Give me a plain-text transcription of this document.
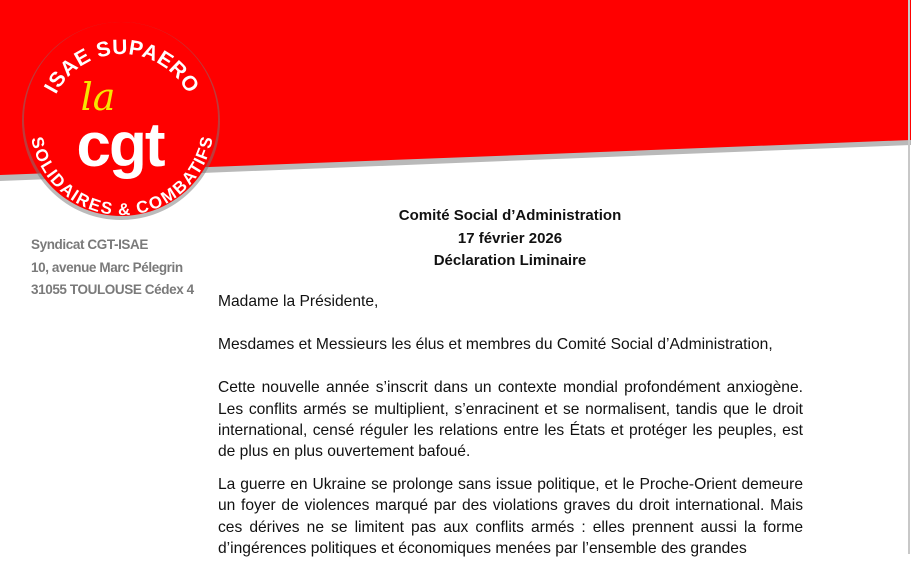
ISAE SUPAERO
SOLIDAIRES & COMBATIFS
la
cgt
Syndicat CGT-ISAE
10, avenue Marc Pélegrin
31055 TOULOUSE Cédex 4
Comité Social d’Administration
17 février 2026
Déclaration Liminaire

Madame la Présidente,

Mesdames et Messieurs les élus et membres du Comité Social d’Administration,

Cette nouvelle année s’inscrit dans un contexte mondial profondément anxiogène. Les conflits armés se multiplient, s’enracinent et se normalisent, tandis que le droit international, censé réguler les relations entre les États et protéger les peuples, est de plus en plus ouvertement bafoué.

La guerre en Ukraine se prolonge sans issue politique, et le Proche-Orient demeure un foyer de violences marqué par des violations graves du droit international. Mais ces dérives ne se limitent pas aux conflits armés : elles prennent aussi la forme d’ingérences politiques et économiques menées par l’ensemble des grandes
